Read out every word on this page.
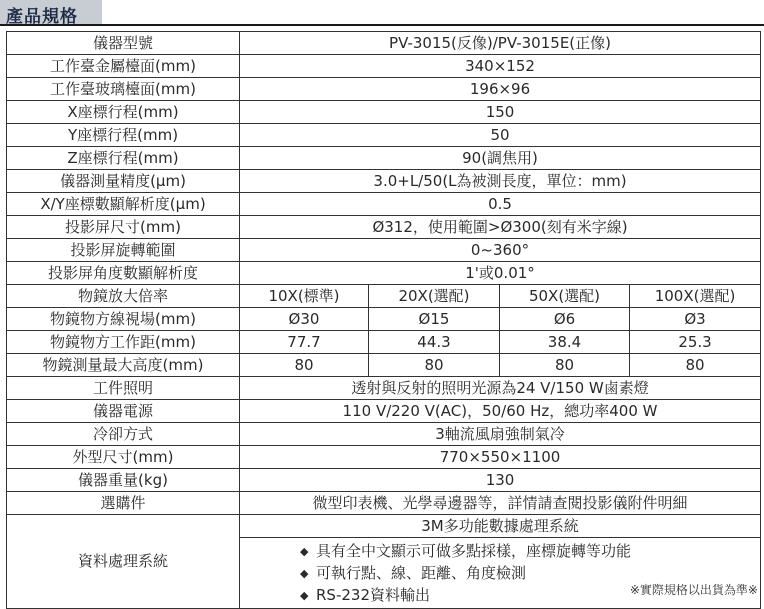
產品規格
儀器型號	PV-3015(反像)/PV-3015E(正像)			
工作臺金屬檯面(mm)	340×152			
工作臺玻璃檯面(mm)	196×96			
X座標行程(mm)	150			
Y座標行程(mm)	50			
Z座標行程(mm)	90(調焦用)			
儀器測量精度(μm)	3.0+L/50(L為被測長度，單位：mm)			
X/Y座標數顯解析度(μm)	0.5			
投影屏尺寸(mm)	Ø312，使用範圍>Ø300(刻有米字線)			
投影屏旋轉範圍	0~360°			
投影屏角度數顯解析度	1'或0.01°			
物鏡放大倍率	10X(標準)	20X(選配)	50X(選配)	100X(選配)
物鏡物方線視場(mm)	Ø30	Ø15	Ø6	Ø3
物鏡物方工作距(mm)	77.7	44.3	38.4	25.3
物鏡測量最大高度(mm)	80	80	80	80
工件照明	透射與反射的照明光源為24 V/150 W鹵素燈			
儀器電源	110 V/220 V(AC)，50/60 Hz，總功率400 W			
冷卻方式	3軸流風扇強制氣冷			
外型尺寸(mm)	770×550×1100			
儀器重量(kg)	130			
選購件	微型印表機、光學尋邊器等，詳情請查閱投影儀附件明細			
資料處理系統	3M多功能數據處理系統
◆ 具有全中文顯示可做多點採樣，座標旋轉等功能
◆ 可執行點、線、距離、角度檢測
◆ RS-232資料輸出				※實際規格以出貨為準※
